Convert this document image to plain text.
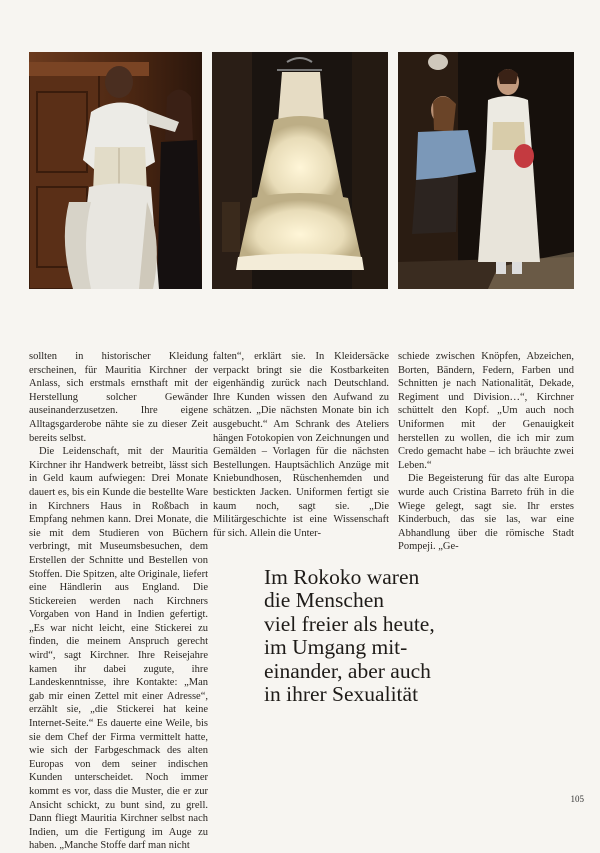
sollten in historischer Kleidung erscheinen, für Mauritia Kirchner der Anlass, sich erstmals ernsthaft mit der Herstellung solcher Gewänder auseinanderzusetzen. Ihre eigene Alltagsgarderobe nähte sie zu dieser Zeit bereits selbst.

Die Leidenschaft, mit der Mauritia Kirchner ihr Handwerk betreibt, lässt sich in Geld kaum aufwiegen: Drei Monate dauert es, bis ein Kunde die bestellte Ware in Kirchners Haus in Roßbach in Empfang nehmen kann. Drei Monate, die sie mit dem Studieren von Büchern verbringt, mit Museumsbesuchen, dem Erstellen der Schnitte und Bestellen von Stoffen. Die Spitzen, alte Originale, liefert eine Händlerin aus England. Die Stickereien werden nach Kirchners Vorgaben von Hand in Indien gefertigt. „Es war nicht leicht, eine Stickerei zu finden, die meinem Anspruch gerecht wird“, sagt Kirchner. Ihre Reisejahre kamen ihr dabei zugute, ihre Landeskenntnisse, ihre Kontakte: „Man gab mir einen Zettel mit einer Adresse“, erzählt sie, „die Stickerei hat keine Internet-Seite.“ Es dauerte eine Weile, bis sie dem Chef der Firma vermittelt hatte, wie sich der Farbgeschmack des alten Europas von dem seiner indischen Kunden unterscheidet. Noch immer kommt es vor, dass die Muster, die er zur Ansicht schickt, zu bunt sind, zu grell. Dann fliegt Mauritia Kirchner selbst nach Indien, um die Fertigung im Auge zu haben. „Manche Stoffe darf man nicht

falten“, erklärt sie. In Kleidersäcke verpackt bringt sie die Kostbarkeiten eigenhändig zurück nach Deutschland. Ihre Kunden wissen den Aufwand zu schätzen. „Die nächsten Monate bin ich ausgebucht.“ Am Schrank des Ateliers hängen Fotokopien von Zeichnungen und Gemälden – Vorlagen für die nächsten Bestellungen. Hauptsächlich Anzüge mit Kniebundhosen, Rüschenhemden und bestickten Jacken. Uniformen fertigt sie kaum noch, sagt sie. „Die Militärgeschichte ist eine Wissenschaft für sich. Allein die Unter-

schiede zwischen Knöpfen, Abzeichen, Borten, Bändern, Federn, Farben und Schnitten je nach Nationalität, Dekade, Regiment und Division…“, Kirchner schüttelt den Kopf. „Um auch noch Uniformen mit der Genauigkeit herstellen zu wollen, die ich mir zum Credo gemacht habe – ich bräuchte zwei Leben.“

Die Begeisterung für das alte Europa wurde auch Cristina Barreto früh in die Wiege gelegt, sagt sie. Ihr erstes Kinderbuch, das sie las, war eine Abhandlung über die römische Stadt Pompeji. „Ge-

Im Rokoko waren
die Menschen
viel freier als heute,
im Umgang mit-
einander, aber auch
in ihrer Sexualität
105
